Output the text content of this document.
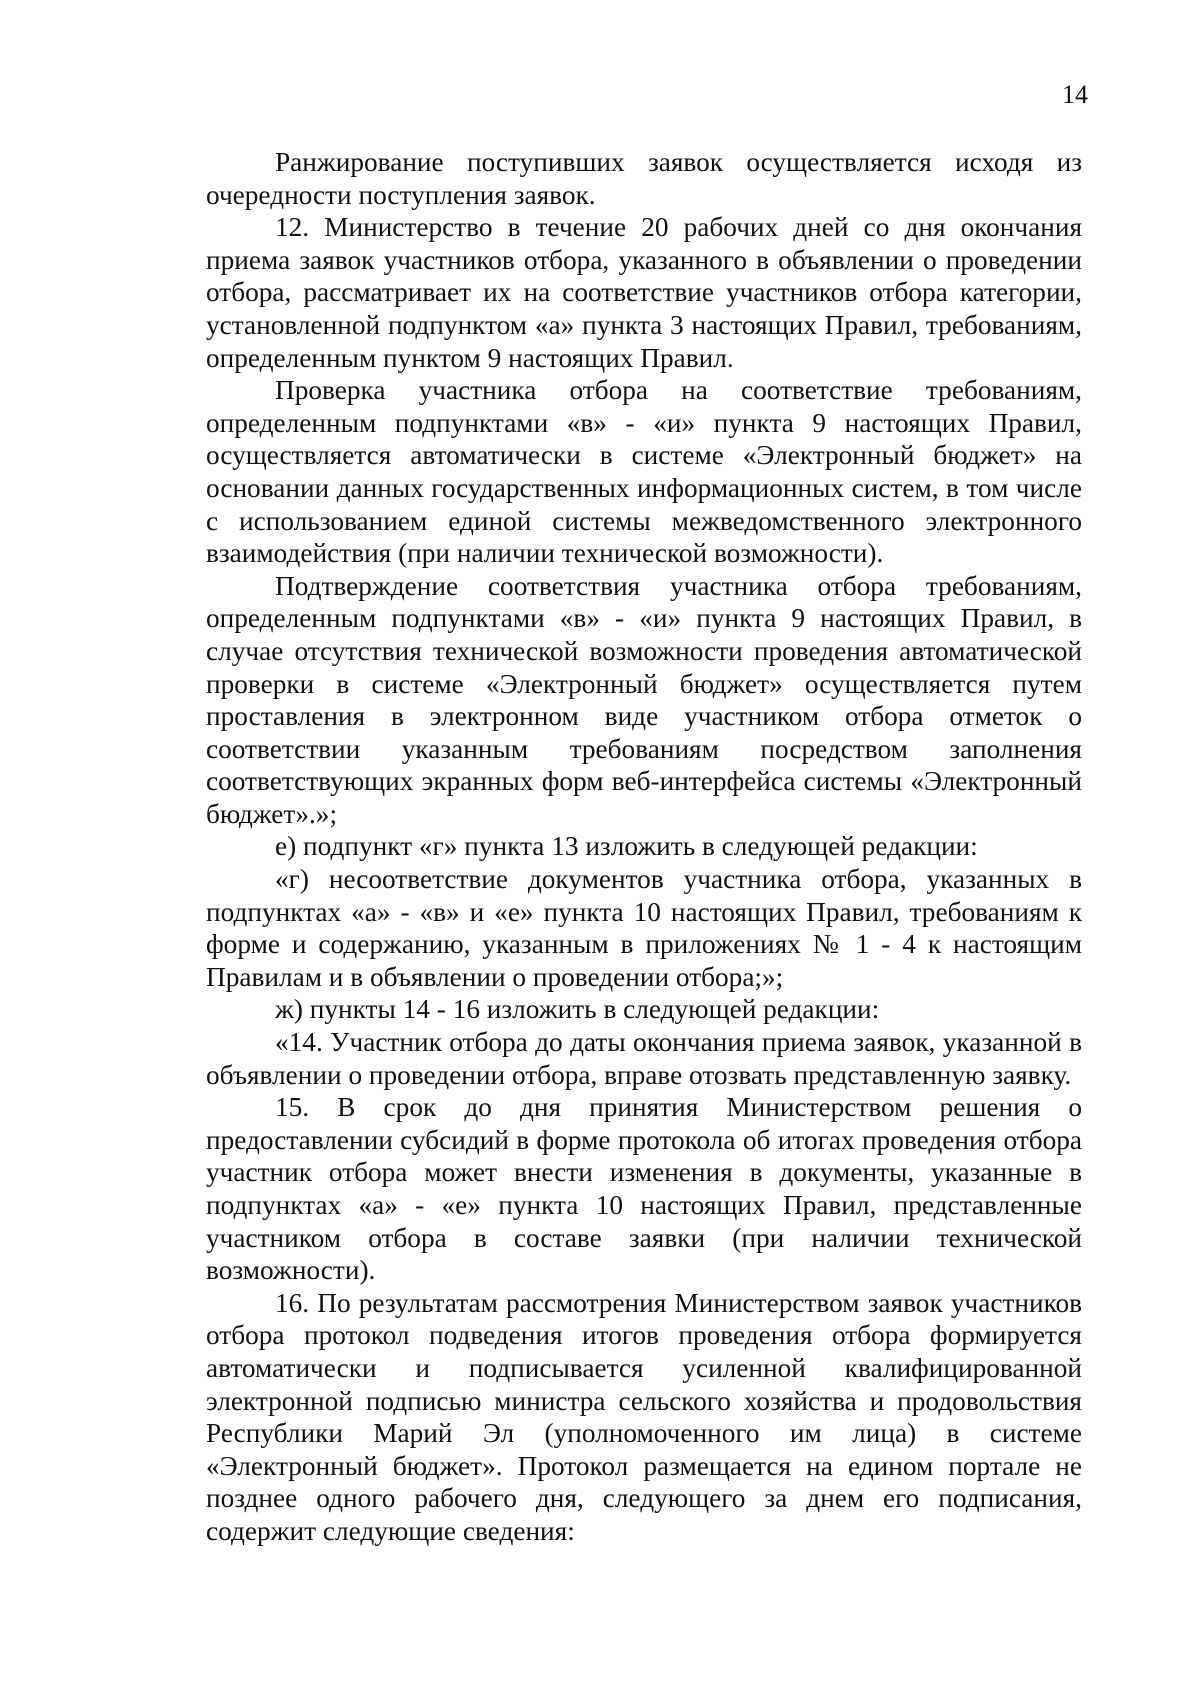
14

Ранжирование поступивших заявок осуществляется исходя из очередности поступления заявок.

12. Министерство в течение 20 рабочих дней со дня окончания приема заявок участников отбора, указанного в объявлении о проведении отбора, рассматривает их на соответствие участников отбора категории, установленной подпунктом «а» пункта 3 настоящих Правил, требованиям, определенным пунктом 9 настоящих Правил.

Проверка участника отбора на соответствие требованиям, определенным подпунктами «в» - «и» пункта 9 настоящих Правил, осуществляется автоматически в системе «Электронный бюджет» на основании данных государственных информационных систем, в том числе с использованием единой системы межведомственного электронного взаимодействия (при наличии технической возможности).

Подтверждение соответствия участника отбора требованиям, определенным подпунктами «в» - «и» пункта 9 настоящих Правил, в случае отсутствия технической возможности проведения автоматической проверки в системе «Электронный бюджет» осуществляется путем проставления в электронном виде участником отбора отметок о соответствии указанным требованиям посредством заполнения соответствующих экранных форм веб-интерфейса системы «Электронный бюджет».»;

е) подпункт «г» пункта 13 изложить в следующей редакции:

«г) несоответствие документов участника отбора, указанных в подпунктах «а» - «в» и «е» пункта 10 настоящих Правил, требованиям к форме и содержанию, указанным в приложениях № 1 - 4 к настоящим Правилам и в объявлении о проведении отбора;»;

ж) пункты 14 - 16 изложить в следующей редакции:

«14. Участник отбора до даты окончания приема заявок, указанной в объявлении о проведении отбора, вправе отозвать представленную заявку.

15. В срок до дня принятия Министерством решения о предоставлении субсидий в форме протокола об итогах проведения отбора участник отбора может внести изменения в документы, указанные в подпунктах «а» - «е» пункта 10 настоящих Правил, представленные участником отбора в составе заявки (при наличии технической возможности).

16. По результатам рассмотрения Министерством заявок участников отбора протокол подведения итогов проведения отбора формируется автоматически и подписывается усиленной квалифицированной электронной подписью министра сельского хозяйства и продовольствия Республики Марий Эл (уполномоченного им лица) в системе «Электронный бюджет». Протокол размещается на едином портале не позднее одного рабочего дня, следующего за днем его подписания, содержит следующие сведения:
